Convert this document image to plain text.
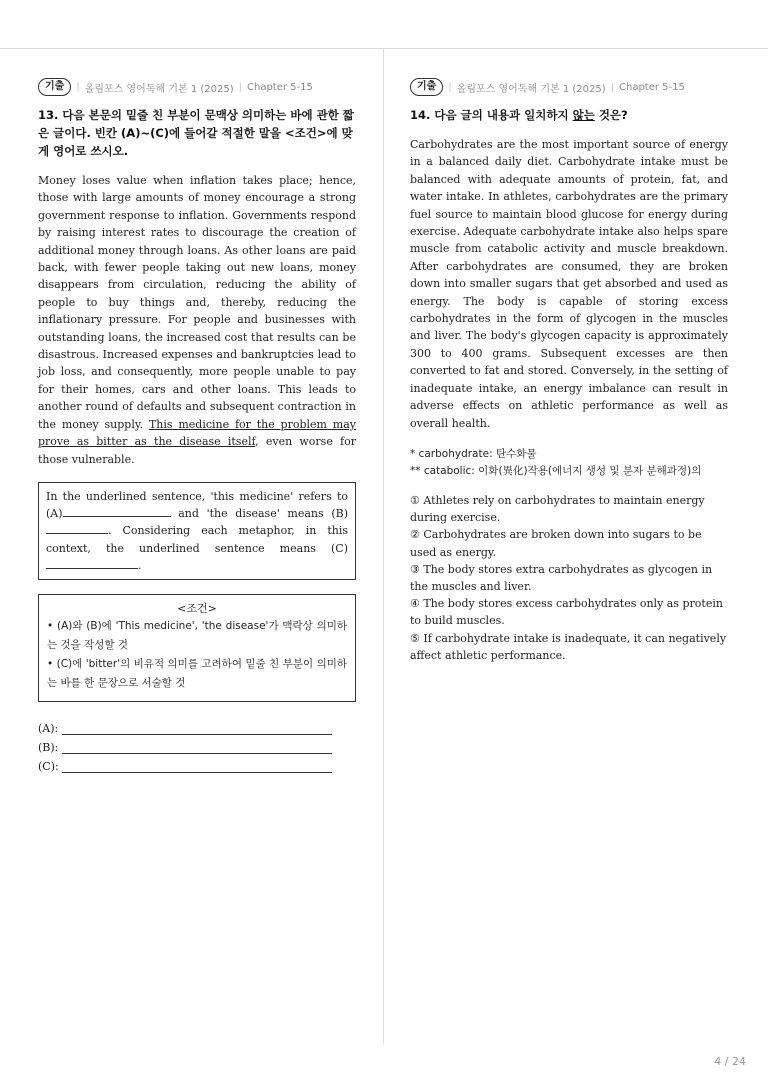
기출	| 올림포스 영어독해 기본 1 (2025) | Chapter 5-15
13. 다음 본문의 밑줄 친 부분이 문맥상 의미하는 바에 관한 짧은 글이다. 빈칸 (A)~(C)에 들어갈 적절한 말을 <조건>에 맞게 영어로 쓰시오.

Money loses value when inflation takes place; hence, those with large amounts of money encourage a strong government response to inflation. Governments respond by raising interest rates to discourage the creation of additional money through loans. As other loans are paid back, with fewer people taking out new loans, money disappears from circulation, reducing the ability of people to buy things and, thereby, reducing the inflationary pressure. For people and businesses with outstanding loans, the increased cost that results can be disastrous. Increased expenses and bankruptcies lead to job loss, and consequently, more people unable to pay for their homes, cars and other loans. This leads to another round of defaults and subsequent contraction in the money supply. This medicine for the problem may prove as bitter as the disease itself, even worse for those vulnerable.

In the underlined sentence, 'this medicine' refers to (A)	and 'the disease' means (B). Considering each metaphor, in this context, the underlined sentence means (C).
<조건>
• (A)와 (B)에 'This medicine', 'the disease'가 맥락상 의미하는 것을 작성할 것
• (C)에 'bitter'의 비유적 의미를 고려하여 밑줄 친 부분이 의미하는 바를 한 문장으로 서술할 것
(A):
(B):
(C):
기출	| 올림포스 영어독해 기본 1 (2025) | Chapter 5-15
14. 다음 글의 내용과 일치하지 않는 것은?

Carbohydrates are the most important source of energy in a balanced daily diet. Carbohydrate intake must be balanced with adequate amounts of protein, fat, and water intake. In athletes, carbohydrates are the primary fuel source to maintain blood glucose for energy during exercise. Adequate carbohydrate intake also helps spare muscle from catabolic activity and muscle breakdown. After carbohydrates are consumed, they are broken down into smaller sugars that get absorbed and used as energy. The body is capable of storing excess carbohydrates in the form of glycogen in the muscles and liver. The body's glycogen capacity is approximately 300 to 400 grams. Subsequent excesses are then converted to fat and stored. Conversely, in the setting of inadequate intake, an energy imbalance can result in adverse effects on athletic performance as well as overall health.

* carbohydrate: 탄수화물
** catabolic: 이화(異化)작용(에너지 생성 및 분자 분해과정)의

① Athletes rely on carbohydrates to maintain energy during exercise.

② Carbohydrates are broken down into sugars to be used as energy.

③ The body stores extra carbohydrates as glycogen in the muscles and liver.

④ The body stores excess carbohydrates only as protein to build muscles.

⑤ If carbohydrate intake is inadequate, it can negatively affect athletic performance.

4 / 24
